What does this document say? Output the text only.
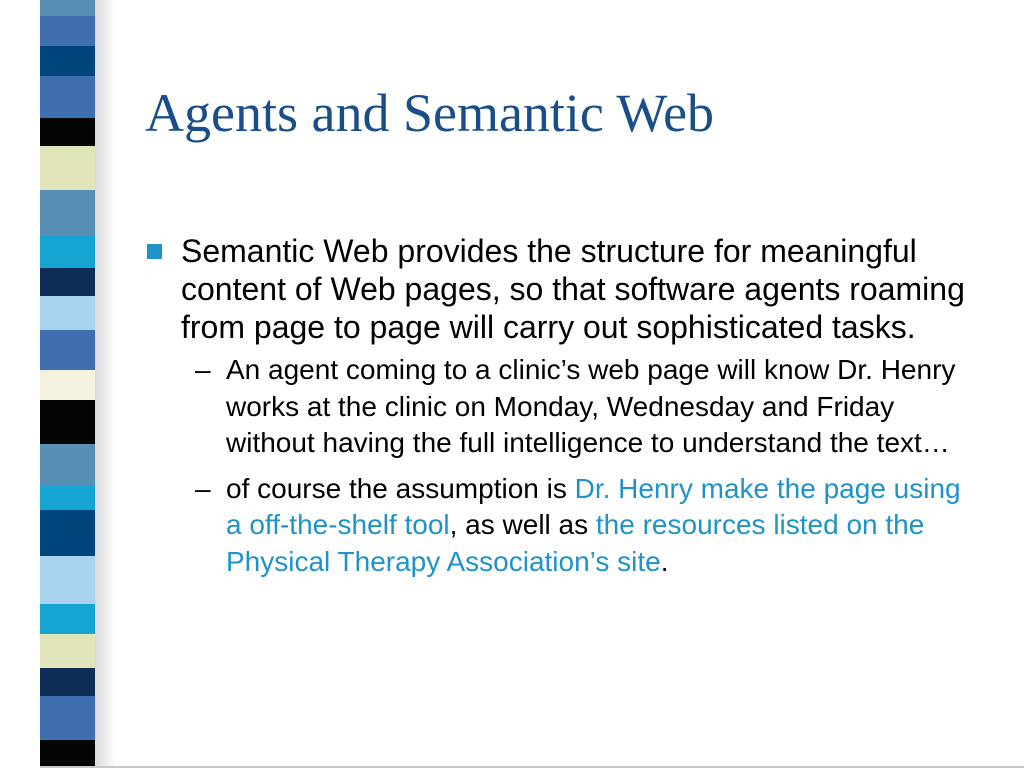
Agents and Semantic Web
Semantic Web provides the structure for meaningful content of Web pages, so that software agents roaming from page to page will carry out sophisticated tasks.
– An agent coming to a clinic’s web page will know Dr. Henry works at the clinic on Monday, Wednesday and Friday without having the full intelligence to understand the text…
– of course the assumption is Dr. Henry make the page using a off-the-shelf tool, as well as the resources listed on the Physical Therapy Association’s site.
